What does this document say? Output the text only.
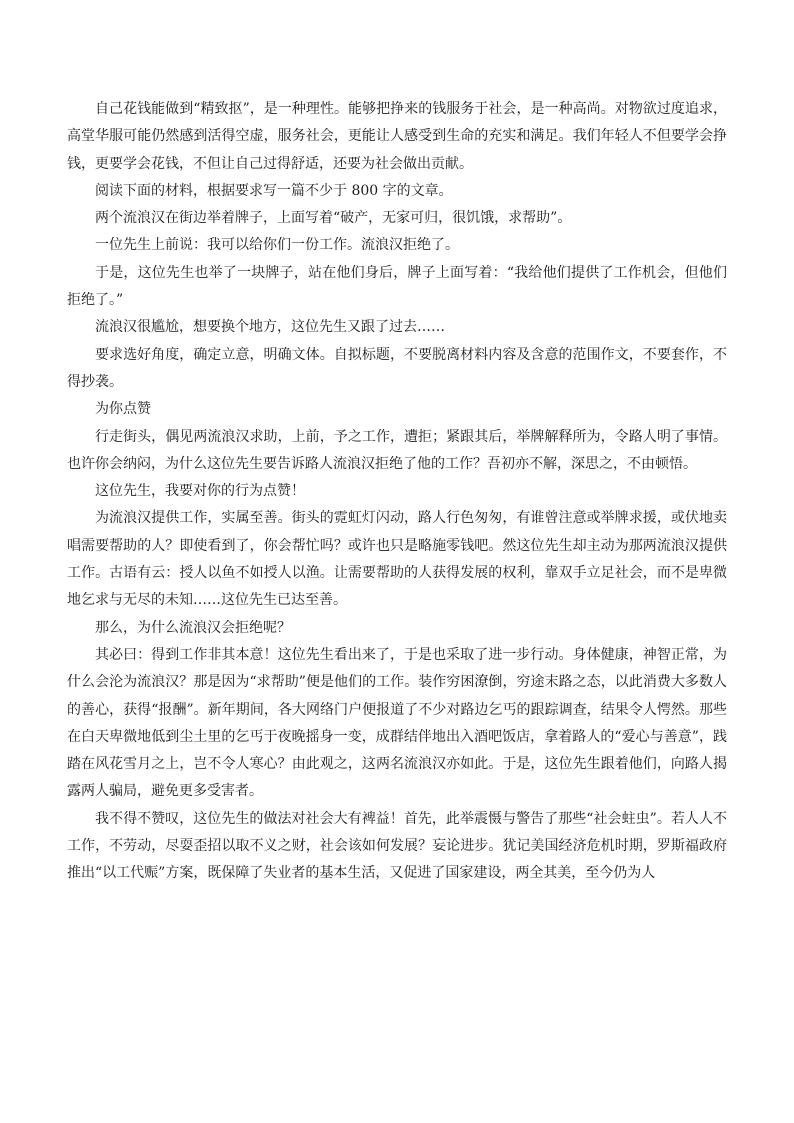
自己花钱能做到“精致抠”，是一种理性。能够把挣来的钱服务于社会，是一种高尚。对物欲过度追求，高堂华服可能仍然感到活得空虚，服务社会，更能让人感受到生命的充实和满足。我们年轻人不但要学会挣钱，更要学会花钱，不但让自己过得舒适，还要为社会做出贡献。

阅读下面的材料，根据要求写一篇不少于 800 字的文章。

两个流浪汉在街边举着牌子，上面写着“破产，无家可归，很饥饿，求帮助”。

一位先生上前说：我可以给你们一份工作。流浪汉拒绝了。

于是，这位先生也举了一块牌子，站在他们身后，牌子上面写着：“我给他们提供了工作机会，但他们拒绝了。”

流浪汉很尴尬，想要换个地方，这位先生又跟了过去……

要求选好角度，确定立意，明确文体。自拟标题，不要脱离材料内容及含意的范围作文，不要套作，不得抄袭。

为你点赞

行走街头，偶见两流浪汉求助，上前，予之工作，遭拒；紧跟其后，举牌解释所为，令路人明了事情。也许你会纳闷，为什么这位先生要告诉路人流浪汉拒绝了他的工作？吾初亦不解，深思之，不由顿悟。

这位先生，我要对你的行为点赞！

为流浪汉提供工作，实属至善。街头的霓虹灯闪动，路人行色匆匆，有谁曾注意或举牌求援，或伏地卖唱需要帮助的人？即使看到了，你会帮忙吗？或许也只是略施零钱吧。然这位先生却主动为那两流浪汉提供工作。古语有云：授人以鱼不如授人以渔。让需要帮助的人获得发展的权利，靠双手立足社会，而不是卑微地乞求与无尽的未知……这位先生已达至善。

那么，为什么流浪汉会拒绝呢？

其必曰：得到工作非其本意！这位先生看出来了，于是也采取了进一步行动。身体健康，神智正常，为什么会沦为流浪汉？那是因为“求帮助”便是他们的工作。装作穷困潦倒，穷途末路之态，以此消费大多数人的善心，获得“报酬”。新年期间，各大网络门户便报道了不少对路边乞丐的跟踪调查，结果令人愕然。那些在白天卑微地低到尘土里的乞丐于夜晚摇身一变，成群结伴地出入酒吧饭店，拿着路人的“爱心与善意”，践踏在风花雪月之上，岂不令人寒心？由此观之，这两名流浪汉亦如此。于是，这位先生跟着他们，向路人揭露两人骗局，避免更多受害者。

我不得不赞叹，这位先生的做法对社会大有裨益！首先，此举震慑与警告了那些“社会蛀虫”。若人人不工作，不劳动，尽耍歪招以取不义之财，社会该如何发展？妄论进步。犹记美国经济危机时期，罗斯福政府推出“以工代赈”方案，既保障了失业者的基本生活，又促进了国家建设，两全其美，至今仍为人
